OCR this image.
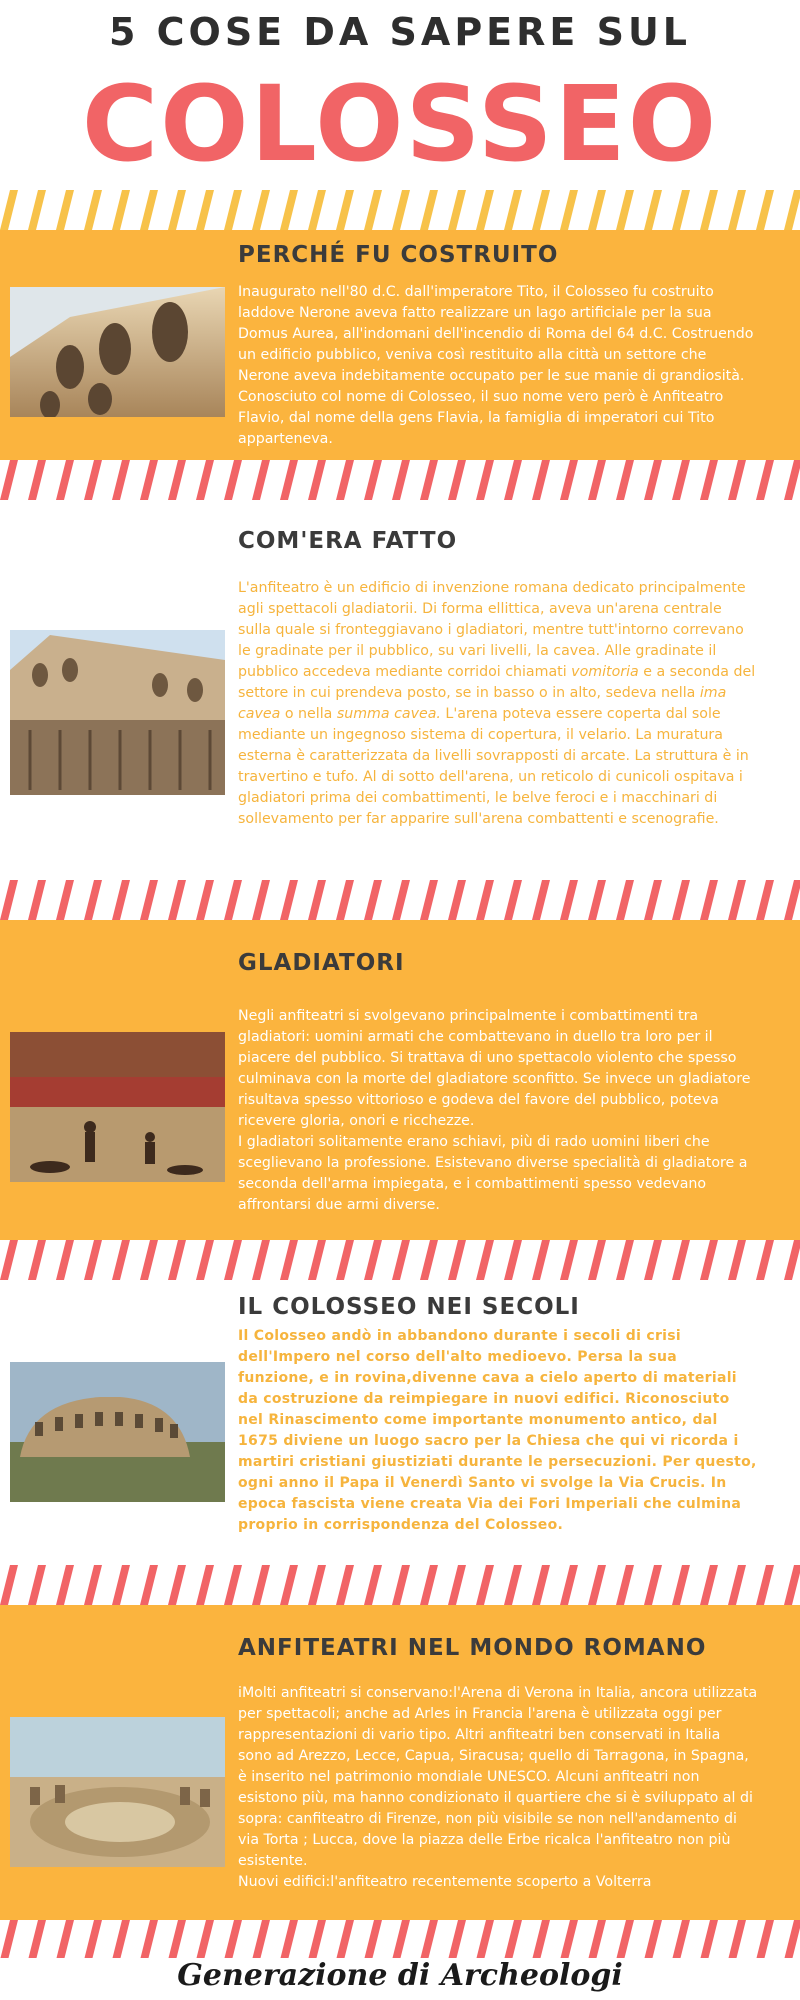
5 COSE DA SAPERE SUL
COLOSSEO
PERCHÉ FU COSTRUITO
Inaugurato nell'80 d.C. dall'imperatore Tito, il Colosseo fu costruito laddove Nerone aveva fatto realizzare un lago artificiale per la sua Domus Aurea, all'indomani dell'incendio di Roma del 64 d.C. Costruendo un edificio pubblico, veniva così restituito alla città un settore che Nerone aveva indebitamente occupato per le sue manie di grandiosità. Conosciuto col nome di Colosseo, il suo nome vero però è Anfiteatro Flavio, dal nome della gens Flavia, la famiglia di imperatori cui Tito apparteneva.
COM'ERA FATTO
L'anfiteatro è un edificio di invenzione romana dedicato principalmente agli spettacoli gladiatorii. Di forma ellittica, aveva un'arena centrale sulla quale si fronteggiavano i gladiatori, mentre tutt'intorno correvano le gradinate per il pubblico, su vari livelli, la cavea. Alle gradinate il pubblico accedeva mediante corridoi chiamati vomitoria e a seconda del settore in cui prendeva posto, se in basso o in alto, sedeva nella ima cavea o nella summa cavea. L'arena poteva essere coperta dal sole mediante un ingegnoso sistema di copertura, il velario. La muratura esterna è caratterizzata da livelli sovrapposti di arcate. La struttura è in travertino e tufo. Al di sotto dell'arena, un reticolo di cunicoli ospitava i gladiatori prima dei combattimenti, le belve feroci e i macchinari di sollevamento per far apparire sull'arena combattenti e scenografie.
GLADIATORI
Negli anfiteatri si svolgevano principalmente i combattimenti tra gladiatori: uomini armati che combattevano in duello tra loro per il piacere del pubblico. Si trattava di uno spettacolo violento che spesso culminava con la morte del gladiatore sconfitto. Se invece un gladiatore risultava spesso vittorioso e godeva del favore del pubblico, poteva ricevere gloria, onori e ricchezze.
I gladiatori solitamente erano schiavi, più di rado uomini liberi che sceglievano la professione. Esistevano diverse specialità di gladiatore a seconda dell'arma impiegata, e i combattimenti spesso vedevano affrontarsi due armi diverse.
IL COLOSSEO NEI SECOLI
Il Colosseo andò in abbandono durante i secoli di crisi dell'Impero nel corso dell'alto medioevo. Persa la sua funzione, e in rovina,divenne cava a cielo aperto di materiali da costruzione da reimpiegare in nuovi edifici. Riconosciuto nel Rinascimento come importante monumento antico, dal 1675 diviene un luogo sacro per la Chiesa che qui vi ricorda i martiri cristiani giustiziati durante le persecuzioni. Per questo, ogni anno il Papa il Venerdì Santo vi svolge la Via Crucis. In epoca fascista viene creata Via dei Fori Imperiali che culmina proprio in corrispondenza del Colosseo.
ANFITEATRI NEL MONDO ROMANO
iMolti anfiteatri si conservano:l'Arena di Verona in Italia, ancora utilizzata per spettacoli; anche ad Arles in Francia l'arena è utilizzata oggi per rappresentazioni di vario tipo. Altri anfiteatri ben conservati in Italia sono ad Arezzo, Lecce, Capua, Siracusa; quello di Tarragona, in Spagna, è inserito nel patrimonio mondiale UNESCO. Alcuni anfiteatri non esistono più, ma hanno condizionato il quartiere che si è sviluppato al di sopra: canfiteatro di Firenze, non più visibile se non nell'andamento di via Torta ; Lucca, dove la piazza delle Erbe ricalca l'anfiteatro non più esistente.
Nuovi edifici:l'anfiteatro recentemente scoperto a Volterra
Generazione di Archeologi
